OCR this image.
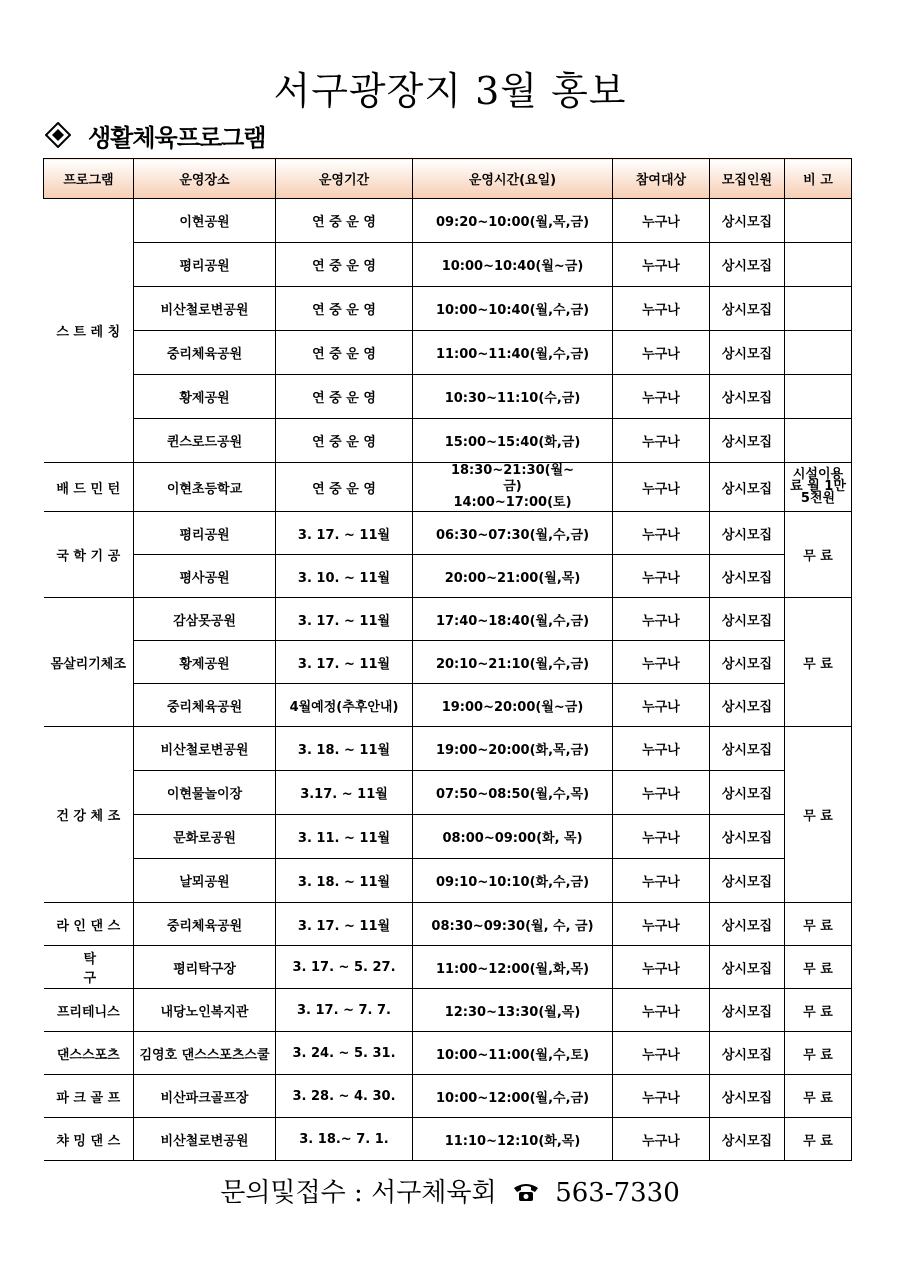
서구광장지 3월 홍보
생활체육프로그램
프로그램	운영장소	운영기간	운영시간(요일)	참여대상	모집인원	비 고
스 트 레 칭	이현공원	연 중 운 영	09:20~10:00(월,목,금)	누구나	상시모집	
	평리공원	연 중 운 영	10:00~10:40(월~금)	누구나	상시모집	
	비산철로변공원	연 중 운 영	10:00~10:40(월,수,금)	누구나	상시모집	
	중리체육공원	연 중 운 영	11:00~11:40(월,수,금)	누구나	상시모집	
	황제공원	연 중 운 영	10:30~11:10(수,금)	누구나	상시모집	
	퀸스로드공원	연 중 운 영	15:00~15:40(화,금)	누구나	상시모집	
배 드 민 턴	이현초등학교	연 중 운 영	18:30~21:30(월~금) 14:00~17:00(토)	누구나	상시모집	시설이용료 월 1만5천원
국 학 기 공	평리공원	3. 17. ~ 11월	06:30~07:30(월,수,금)	누구나	상시모집	무 료
	평사공원	3. 10. ~ 11월	20:00~21:00(월,목)	누구나	상시모집	
몸살리기체조	감삼못공원	3. 17. ~ 11월	17:40~18:40(월,수,금)	누구나	상시모집	무 료
	황제공원	3. 17. ~ 11월	20:10~21:10(월,수,금)	누구나	상시모집	
	중리체육공원	4월예정(추후안내)	19:00~20:00(월~금)	누구나	상시모집	
건 강 체 조	비산철로변공원	3. 18. ~ 11월	19:00~20:00(화,목,금)	누구나	상시모집	무 료
	이현물놀이장	3.17. ~ 11월	07:50~08:50(월,수,목)	누구나	상시모집	
	문화로공원	3. 11. ~ 11월	08:00~09:00(화, 목)	누구나	상시모집	
	날뫼공원	3. 18. ~ 11월	09:10~10:10(화,수,금)	누구나	상시모집	
라 인 댄 스	중리체육공원	3. 17. ~ 11월	08:30~09:30(월, 수, 금)	누구나	상시모집	무 료
탁 구	평리탁구장	3. 17. ~ 5. 27.	11:00~12:00(월,화,목)	누구나	상시모집	무 료
프리테니스	내당노인복지관	3. 17. ~ 7. 7.	12:30~13:30(월,목)	누구나	상시모집	무 료
댄스스포츠	김영호 댄스스포츠스쿨	3. 24. ~ 5. 31.	10:00~11:00(월,수,토)	누구나	상시모집	무 료
파 크 골 프	비산파크골프장	3. 28. ~ 4. 30.	10:00~12:00(월,수,금)	누구나	상시모집	무 료
챠 밍 댄 스	비산철로변공원	3. 18.~ 7. 1.	11:10~12:10(화,목)	누구나	상시모집	무 료
문의및접수 : 서구체육회 563-7330
